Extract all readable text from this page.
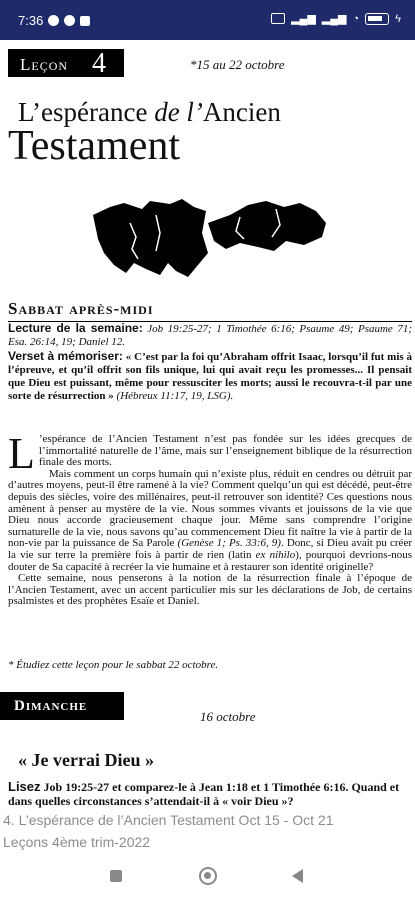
7:36	▂▄▆ ▂▄▆ ◔	ϟ
Leçon 4	*15 au 22 octobre
L’espérance de l’Ancien
Testament
Sabbat après-midi
Lecture de la semaine: Job 19:25-27; 1 Timothée 6:16; Psaume 49; Psaume 71; Esa. 26:14, 19; Daniel 12.
Verset à mémoriser: « C’est par la foi qu’Abraham offrit Isaac, lorsqu’il fut mis à l’épreuve, et qu’il offrit son fils unique, lui qui avait reçu les promesses... Il pensait que Dieu est puissant, même pour ressusciter les morts; aussi le recouvra-t-il par une sorte de résurrection » (Hébreux 11:17, 19, LSG).
L ’espérance de l’Ancien Testament n’est pas fondée sur les idées grecques de l’immortalité naturelle de l’âme, mais sur l’enseignement biblique de la résurrection finale des morts.

Mais comment un corps humain qui n’existe plus, réduit en cendres ou détruit par d’autres moyens, peut-il être ramené à la vie? Comment quelqu’un qui est décédé, peut-être depuis des siècles, voire des millénaires, peut-il retrouver son identité? Ces questions nous amènent à penser au mystère de la vie. Nous sommes vivants et jouissons de la vie que Dieu nous accorde gracieusement chaque jour. Même sans comprendre l’origine surnaturelle de la vie, nous savons qu’au commencement Dieu fit naître la vie à partir de la non-vie par la puissance de Sa Parole (Genèse 1; Ps. 33:6, 9). Donc, si Dieu avait pu créer la vie sur terre la première fois à partir de rien (latin ex nihilo), pourquoi devrions-nous douter de Sa capacité à recréer la vie humaine et à restaurer son identité originelle?

Cette semaine, nous penserons à la notion de la résurrection finale à l’époque de l’Ancien Testament, avec un accent particulier mis sur les déclarations de Job, de certains psalmistes et des prophètes Esaïe et Daniel.

* Étudiez cette leçon pour le sabbat 22 octobre.
Dimanche
16 octobre
« Je verrai Dieu »
Lisez Job 19:25-27 et comparez-le à Jean 1:18 et 1 Timothée 6:16. Quand et dans quelles circonstances s’attendait-il à « voir Dieu »?
4. L’espérance de l’Ancien Testament Oct 15 - Oct 21
Leçons 4ème trim-2022
